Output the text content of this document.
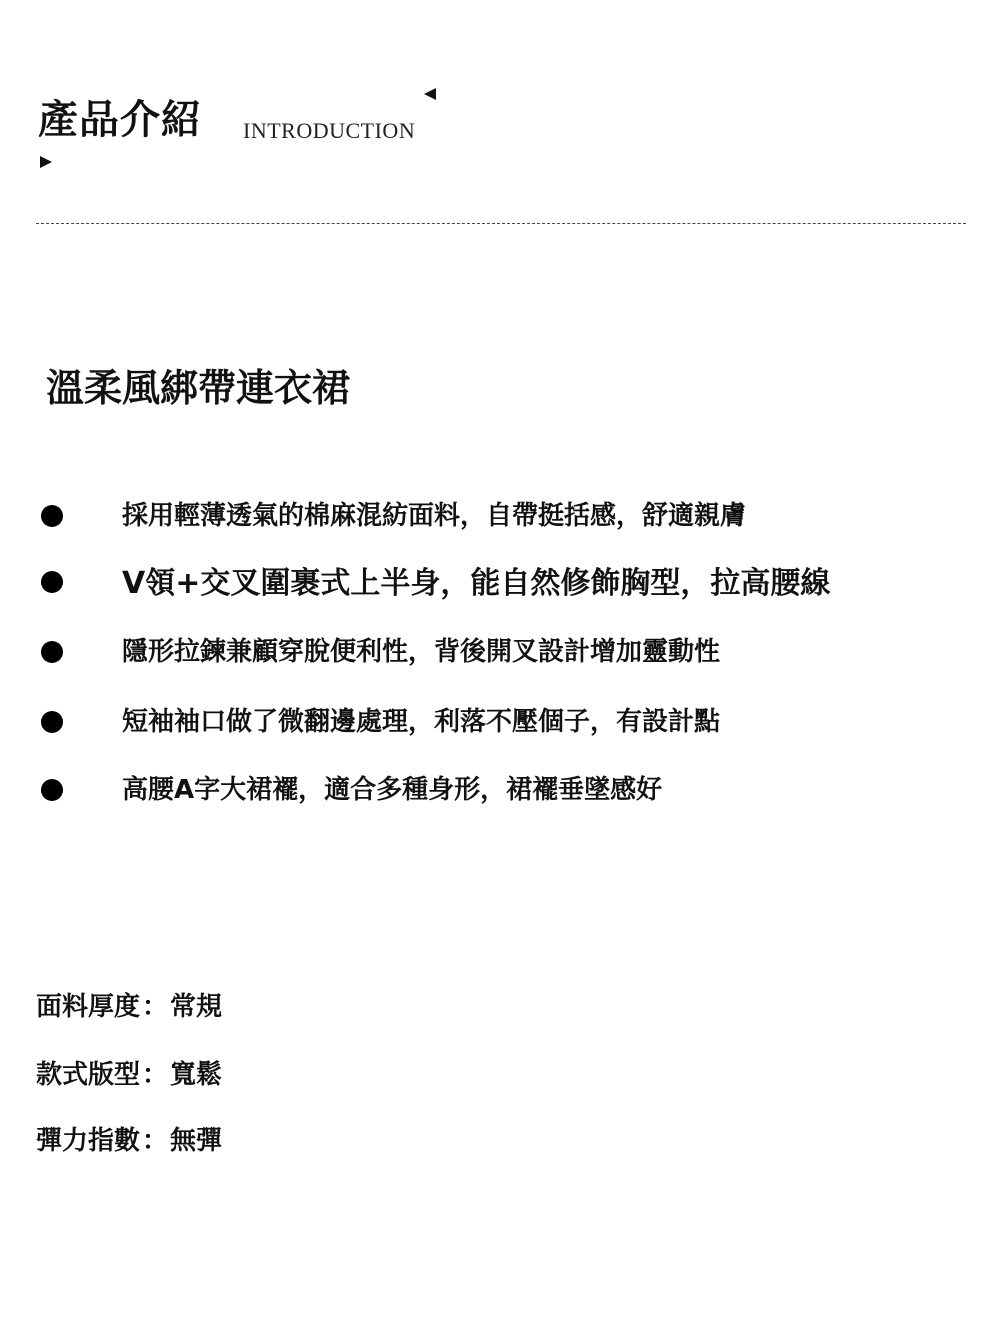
產品介紹 INTRODUCTION
溫柔風綁帶連衣裙
採用輕薄透氣的棉麻混紡面料，自帶挺括感，舒適親膚
V領+交叉圍裹式上半身，能自然修飾胸型，拉高腰線
隱形拉鍊兼顧穿脫便利性，背後開叉設計增加靈動性
短袖袖口做了微翻邊處理，利落不壓個子，有設計點
高腰A字大裙襬，適合多種身形，裙襬垂墜感好
面料厚度：常規
款式版型：寬鬆
彈力指數：無彈
